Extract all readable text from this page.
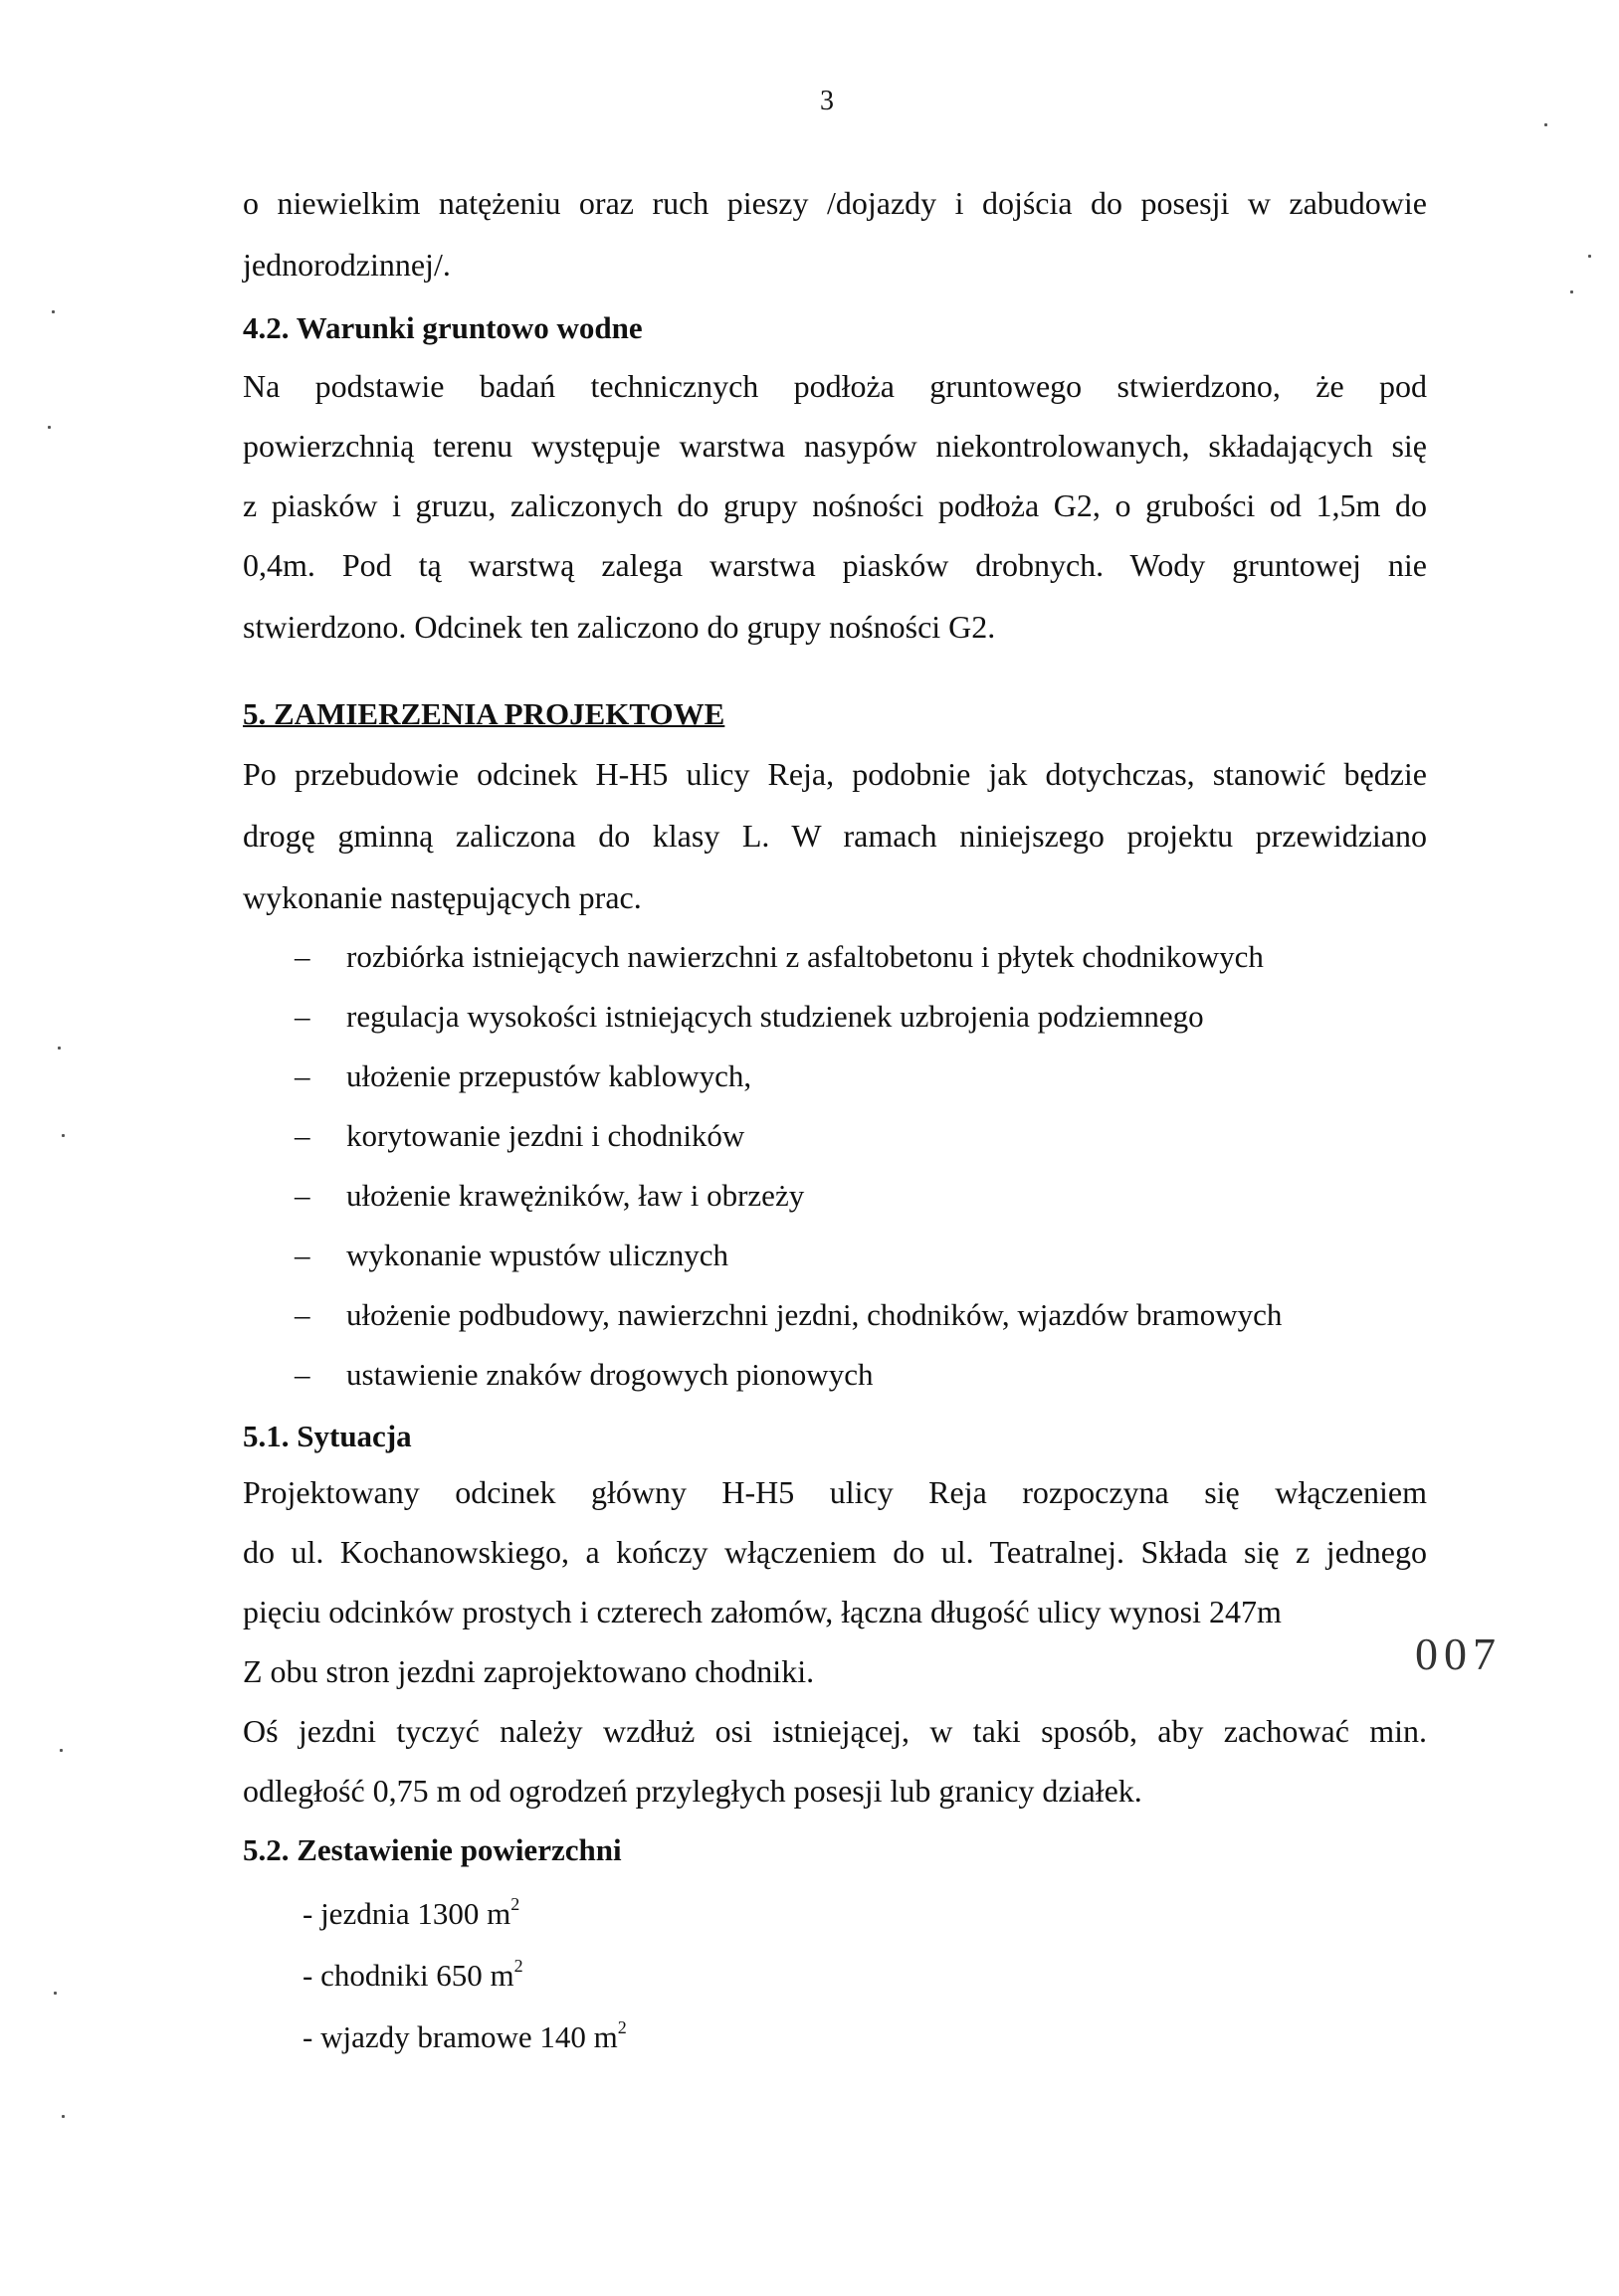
3
o niewielkim natężeniu oraz ruch pieszy /dojazdy i dojścia do posesji w zabudowie
jednorodzinnej/.
4.2. Warunki gruntowo wodne
Na podstawie badań technicznych podłoża gruntowego stwierdzono, że pod
powierzchnią terenu występuje warstwa nasypów niekontrolowanych, składających się
z piasków i gruzu, zaliczonych do grupy nośności podłoża G2, o grubości od 1,5m do
0,4m. Pod tą warstwą zalega warstwa piasków drobnych. Wody gruntowej nie
stwierdzono. Odcinek ten zaliczono do grupy nośności G2.
5. ZAMIERZENIA PROJEKTOWE
Po przebudowie odcinek H-H5 ulicy Reja, podobnie jak dotychczas, stanowić będzie
drogę gminną zaliczona do klasy L. W ramach niniejszego projektu przewidziano
wykonanie następujących prac.
– rozbiórka istniejących nawierzchni z asfaltobetonu i płytek chodnikowych
– regulacja wysokości istniejących studzienek uzbrojenia podziemnego
– ułożenie przepustów kablowych,
– korytowanie jezdni i chodników
– ułożenie krawężników, ław i obrzeży
– wykonanie wpustów ulicznych
– ułożenie podbudowy, nawierzchni jezdni, chodników, wjazdów bramowych
– ustawienie znaków drogowych pionowych
5.1. Sytuacja
Projektowany odcinek główny H-H5 ulicy Reja rozpoczyna się włączeniem
do ul. Kochanowskiego, a kończy włączeniem do ul. Teatralnej. Składa się z jednego
pięciu odcinków prostych i czterech załomów, łączna długość ulicy wynosi 247m
Z obu stron jezdni zaprojektowano chodniki.
Oś jezdni tyczyć należy wzdłuż osi istniejącej, w taki sposób, aby zachować min.
odległość 0,75 m od ogrodzeń przyległych posesji lub granicy działek.
5.2. Zestawienie powierzchni
- jezdnia 1300 $m^2$
- chodniki 650 $m^2$
- wjazdy bramowe 140 $m^2$
007
